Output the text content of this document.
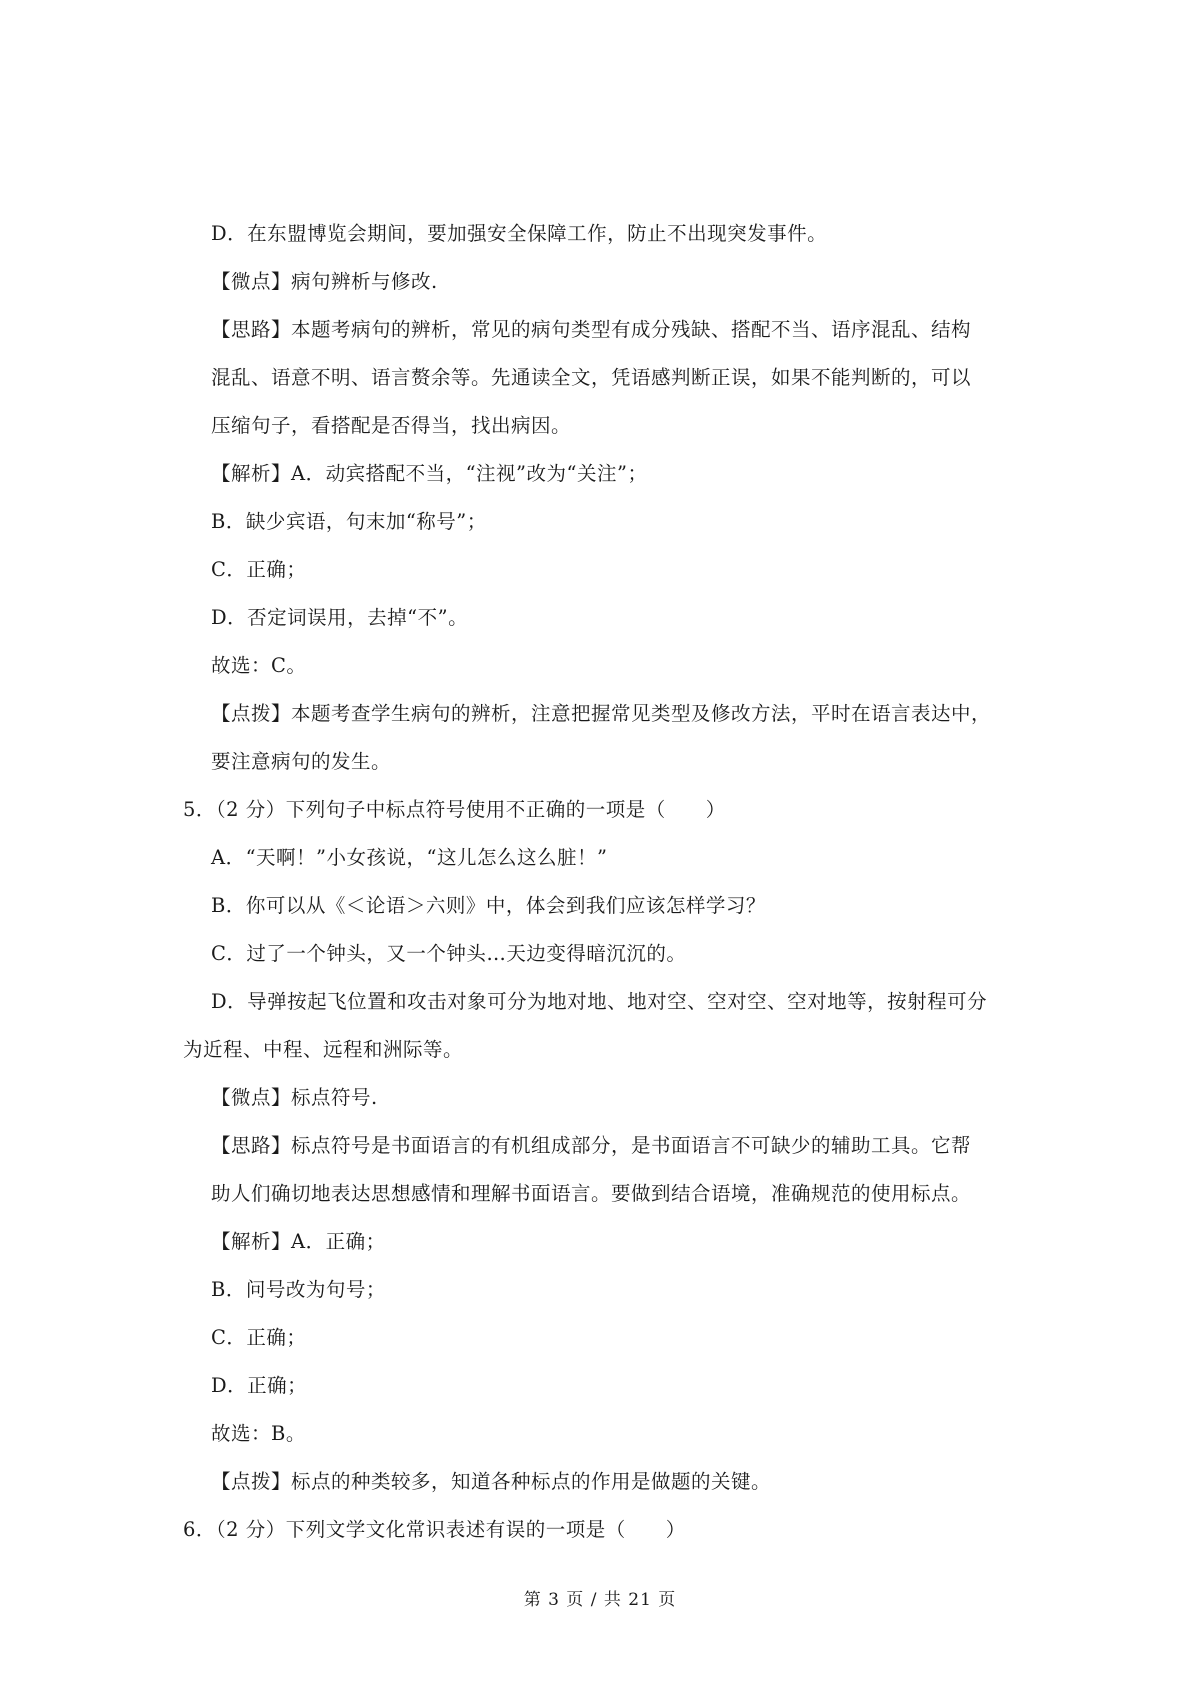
D．在东盟博览会期间，要加强安全保障工作，防止不出现突发事件。
【微点】病句辨析与修改.
【思路】本题考病句的辨析，常见的病句类型有成分残缺、搭配不当、语序混乱、结构
混乱、语意不明、语言赘余等。先通读全文，凭语感判断正误，如果不能判断的，可以
压缩句子，看搭配是否得当，找出病因。
【解析】A．动宾搭配不当，“注视”改为“关注”；
B．缺少宾语，句末加“称号”；
C．正确；
D．否定词误用，去掉“不”。
故选：C。
【点拨】本题考查学生病句的辨析，注意把握常见类型及修改方法，平时在语言表达中，
要注意病句的发生。
5．（2 分）下列句子中标点符号使用不正确的一项是（　　）
A．“天啊！”小女孩说，“这儿怎么这么脏！”
B．你可以从《＜论语＞六则》中，体会到我们应该怎样学习？
C．过了一个钟头，又一个钟头…天边变得暗沉沉的。
D．导弹按起飞位置和攻击对象可分为地对地、地对空、空对空、空对地等，按射程可分
为近程、中程、远程和洲际等。
【微点】标点符号.
【思路】标点符号是书面语言的有机组成部分，是书面语言不可缺少的辅助工具。它帮
助人们确切地表达思想感情和理解书面语言。要做到结合语境，准确规范的使用标点。
【解析】A．正确；
B．问号改为句号；
C．正确；
D．正确；
故选：B。
【点拨】标点的种类较多，知道各种标点的作用是做题的关键。
6．（2 分）下列文学文化常识表述有误的一项是（　　）
第 3 页 / 共 21 页
